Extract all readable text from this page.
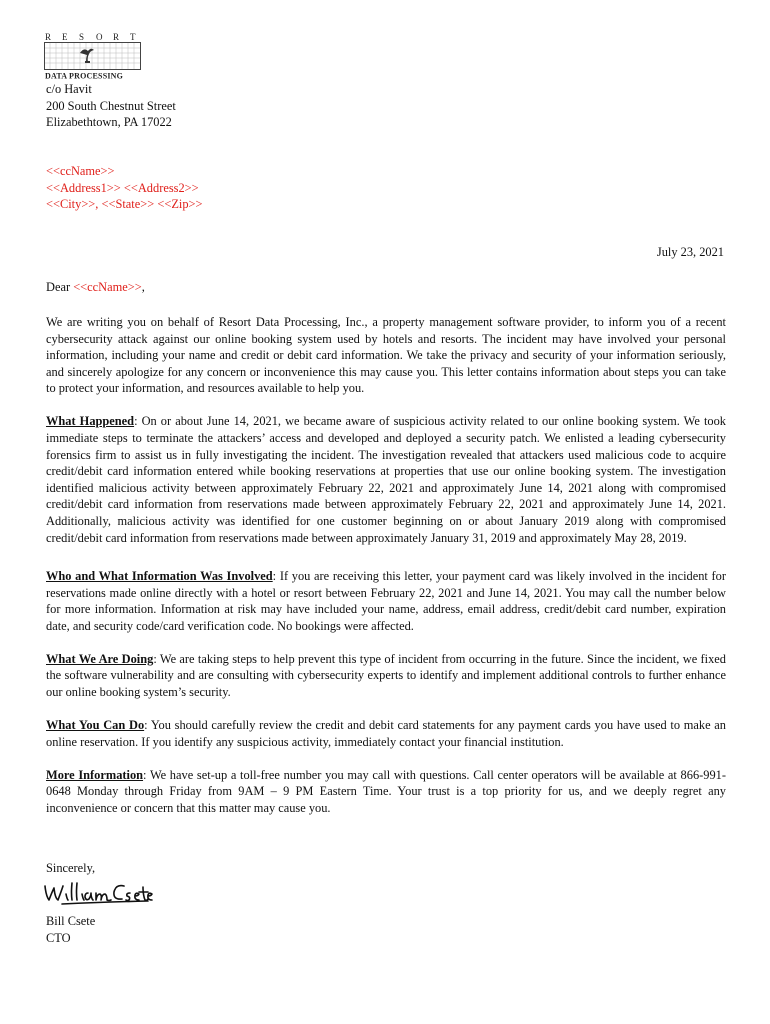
R E S O R T
DATA PROCESSING
c/o Havit
200 South Chestnut Street
Elizabethtown, PA 17022
<<ccName>>
<<Address1>> <<Address2>>
<<City>>, <<State>> <<Zip>>
July 23, 2021
Dear <<ccName>>,

We are writing you on behalf of Resort Data Processing, Inc., a property management software provider, to inform you of a recent cybersecurity attack against our online booking system used by hotels and resorts. The incident may have involved your personal information, including your name and credit or debit card information. We take the privacy and security of your information seriously, and sincerely apologize for any concern or inconvenience this may cause you. This letter contains information about steps you can take to protect your information, and resources available to help you.

What Happened: On or about June 14, 2021, we became aware of suspicious activity related to our online booking system. We took immediate steps to terminate the attackers’ access and developed and deployed a security patch. We enlisted a leading cybersecurity forensics firm to assist us in fully investigating the incident. The investigation revealed that attackers used malicious code to acquire credit/debit card information entered while booking reservations at properties that use our online booking system. The investigation identified malicious activity between approximately February 22, 2021 and approximately June 14, 2021 along with compromised credit/debit card information from reservations made between approximately February 22, 2021 and approximately June 14, 2021. Additionally, malicious activity was identified for one customer beginning on or about January 2019 along with compromised credit/debit card information from reservations made between approximately January 31, 2019 and approximately May 28, 2019.

Who and What Information Was Involved: If you are receiving this letter, your payment card was likely involved in the incident for reservations made online directly with a hotel or resort between February 22, 2021 and June 14, 2021. You may call the number below for more information. Information at risk may have included your name, address, email address, credit/debit card number, expiration date, and security code/card verification code. No bookings were affected.

What We Are Doing: We are taking steps to help prevent this type of incident from occurring in the future. Since the incident, we fixed the software vulnerability and are consulting with cybersecurity experts to identify and implement additional controls to further enhance our online booking system’s security.

What You Can Do: You should carefully review the credit and debit card statements for any payment cards you have used to make an online reservation. If you identify any suspicious activity, immediately contact your financial institution.

More Information: We have set-up a toll-free number you may call with questions. Call center operators will be available at 866-991-0648 Monday through Friday from 9AM – 9 PM Eastern Time. Your trust is a top priority for us, and we deeply regret any inconvenience or concern that this matter may cause you.

Sincerely,
Bill Csete
CTO
